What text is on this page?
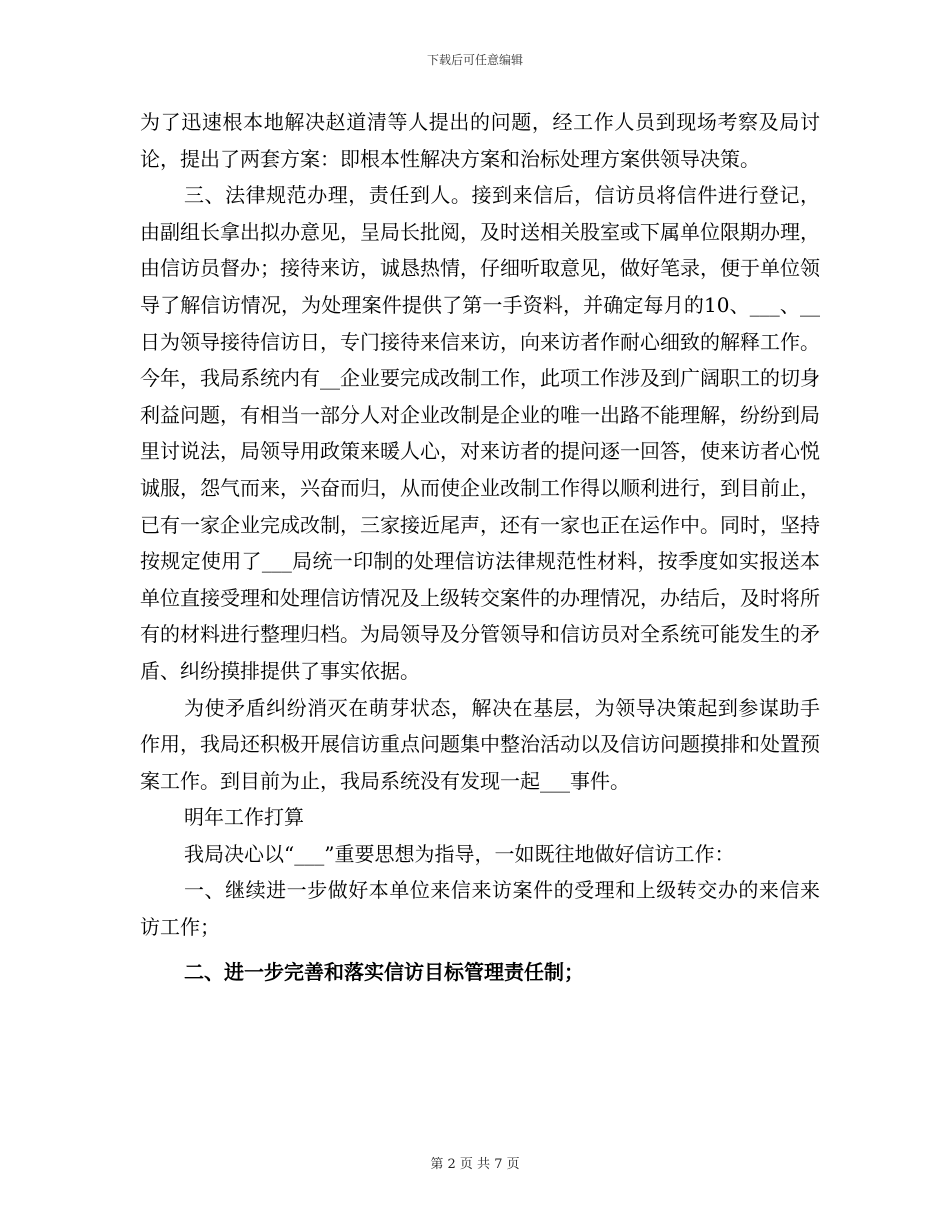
下载后可任意编辑

为了迅速根本地解决赵道清等人提出的问题，经工作人员到现场考察及局讨论，提出了两套方案：即根本性解决方案和治标处理方案供领导决策。

三、法律规范办理，责任到人。接到来信后，信访员将信件进行登记，由副组长拿出拟办意见，呈局长批阅，及时送相关股室或下属单位限期办理，由信访员督办；接待来访，诚恳热情，仔细听取意见，做好笔录，便于单位领导了解信访情况，为处理案件提供了第一手资料，并确定每月的10、___、__日为领导接待信访日，专门接待来信来访，向来访者作耐心细致的解释工作。今年，我局系统内有__企业要完成改制工作，此项工作涉及到广阔职工的切身利益问题，有相当一部分人对企业改制是企业的唯一出路不能理解，纷纷到局里讨说法，局领导用政策来暖人心，对来访者的提问逐一回答，使来访者心悦诚服，怨气而来，兴奋而归，从而使企业改制工作得以顺利进行，到目前止，已有一家企业完成改制，三家接近尾声，还有一家也正在运作中。同时，坚持按规定使用了___局统一印制的处理信访法律规范性材料，按季度如实报送本单位直接受理和处理信访情况及上级转交案件的办理情况，办结后，及时将所有的材料进行整理归档。为局领导及分管领导和信访员对全系统可能发生的矛盾、纠纷摸排提供了事实依据。

为使矛盾纠纷消灭在萌芽状态，解决在基层，为领导决策起到参谋助手作用，我局还积极开展信访重点问题集中整治活动以及信访问题摸排和处置预案工作。到目前为止，我局系统没有发现一起___事件。

明年工作打算

我局决心以“___”重要思想为指导，一如既往地做好信访工作：

一、继续进一步做好本单位来信来访案件的受理和上级转交办的来信来访工作；

二、进一步完善和落实信访目标管理责任制；

第 2 页 共 7 页
